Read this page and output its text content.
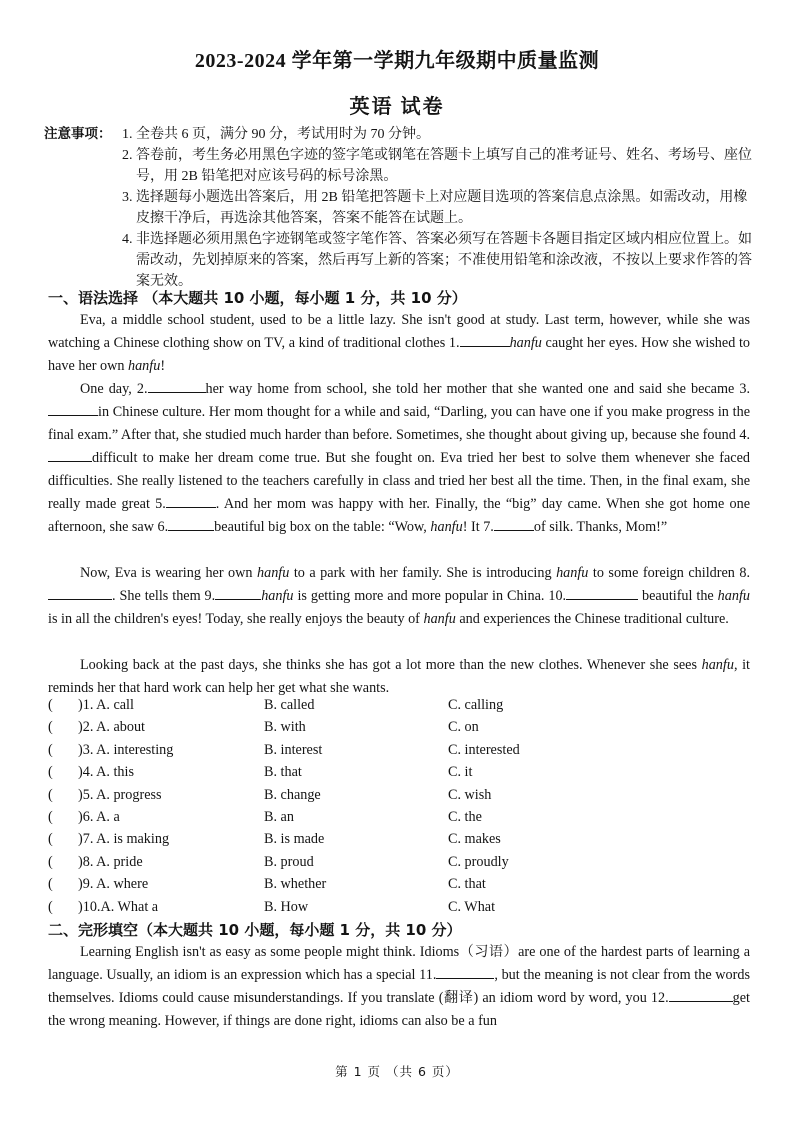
2023-2024 学年第一学期九年级期中质量监测
英语 试卷
注意事项： 1. 全卷共 6 页，满分 90 分，考试用时为 70 分钟。
2. 答卷前，考生务必用黑色字迹的签字笔或钢笔在答题卡上填写自己的准考证号、姓名、考场号、座位号，用 2B 铅笔把对应该号码的标号涂黑。
3. 选择题每小题选出答案后，用 2B 铅笔把答题卡上对应题目选项的答案信息点涂黑。如需改动，用橡皮擦干净后，再选涂其他答案，答案不能答在试题上。
4. 非选择题必须用黑色字迹钢笔或签字笔作答、答案必须写在答题卡各题目指定区域内相应位置上。如需改动，先划掉原来的答案，然后再写上新的答案；不准使用铅笔和涂改液，不按以上要求作答的答案无效。
一、语法选择 （本大题共 10 小题，每小题 1 分，共 10 分）
Eva, a middle school student, used to be a little lazy. She isn't good at study. Last term, however, while she was watching a Chinese clothing show on TV, a kind of traditional clothes 1.	hanfu caught her eyes. How she wished to have her own hanfu!
One day, 2.	her way home from school, she told her mother that she wanted one and said she became 3.in Chinese culture. Her mom thought for a while and said, “Darling, you can have one if you make progress in the final exam.” After that, she studied much harder than before. Sometimes, she thought about giving up, because she found 4.difficult to make her dream come true. But she fought on. Eva tried her best to solve them whenever she faced difficulties. She really listened to the teachers carefully in class and tried her best all the time. Then, in the final exam, she really made great 5.	. And her mom was happy with her. Finally, the “big” day came. When she got home one afternoon, she saw 6.	beautiful big box on the table: “Wow, hanfu! It 7.	of silk. Thanks, Mom!”
Now, Eva is wearing her own hanfu to a park with her family. She is introducing hanfu to some foreign children 8.. She tells them 9.	hanfu is getting more and more popular in China. 10.	beautiful the hanfu is in all the children's eyes! Today, she really enjoys the beauty of hanfu and experiences the Chinese traditional culture.
Looking back at the past days, she thinks she has got a lot more than the new clothes. Whenever she sees hanfu, it reminds her that hard work can help her get what she wants.
( )1. A. call	B. called	C. calling
( )2. A. about	B. with	C. on
( )3. A. interesting	B. interest	C. interested
( )4. A. this	B. that	C. it
( )5. A. progress	B. change	C. wish
( )6. A. a	B. an	C. the
( )7. A. is making	B. is made	C. makes
( )8. A. pride	B. proud	C. proudly
( )9. A. where	B. whether	C. that
( )10.A. What a	B. How	C. What
二、完形填空（本大题共 10 小题，每小题 1 分，共 10 分）
Learning English isn't as easy as some people might think. Idioms（习语）are one of the hardest parts of learning a language. Usually, an idiom is an expression which has a special 11.	, but the meaning is not clear from the words themselves. Idioms could cause misunderstandings. If you translate (翻译) an idiom word by word, you 12.	get the wrong meaning. However, if things are done right, idioms can also be a fun
第 1 页 （共 6 页）
